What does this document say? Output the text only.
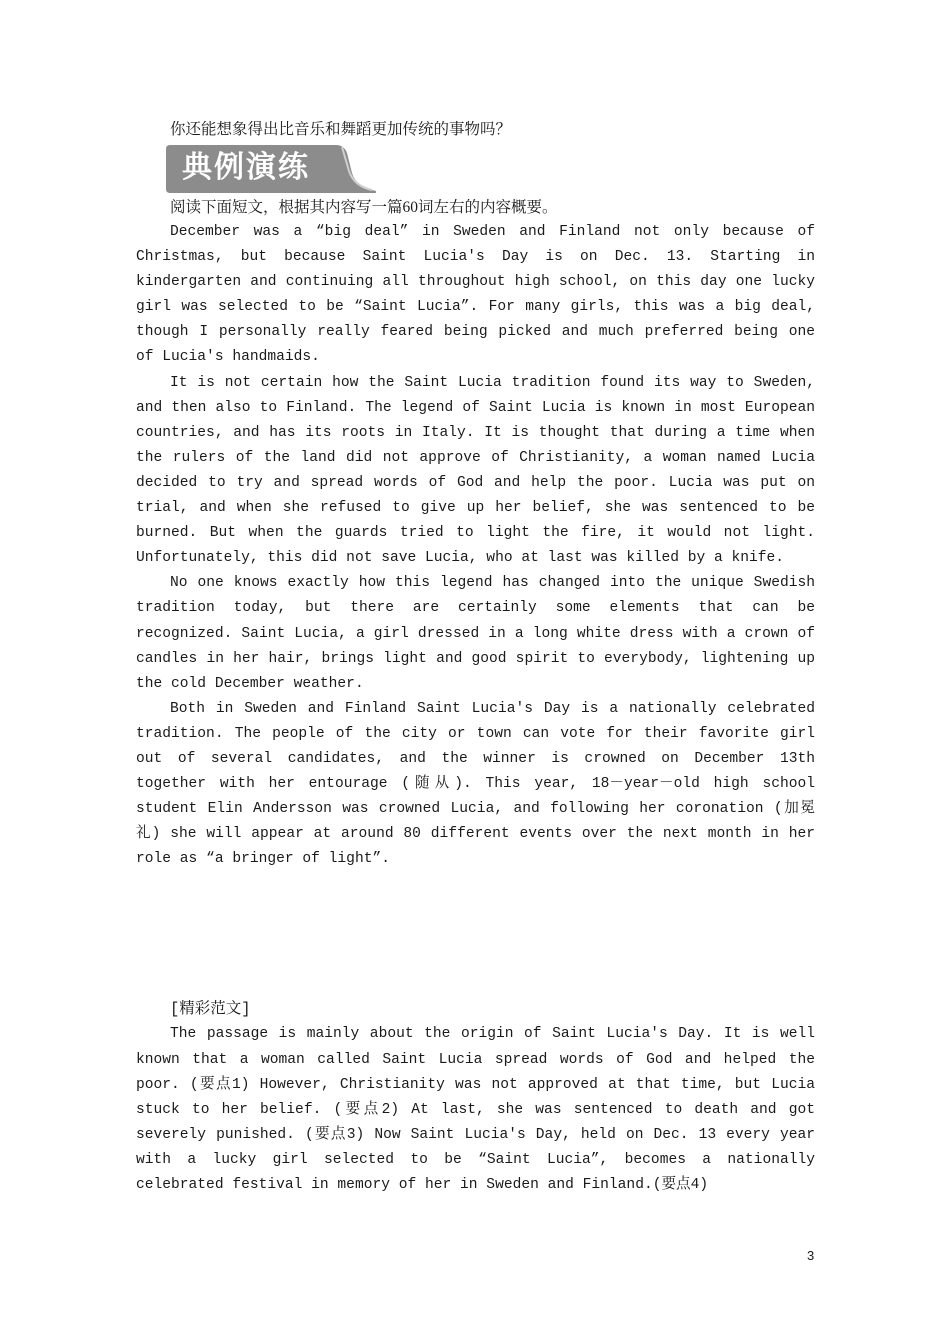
你还能想象得出比音乐和舞蹈更加传统的事物吗？
典例演练
阅读下面短文，根据其内容写一篇60词左右的内容概要。

December was a “big deal” in Sweden and Finland not only because of Christmas, but because Saint Lucia's Day is on Dec. 13. Starting in kindergarten and continuing all throughout high school, on this day one lucky girl was selected to be “Saint Lucia”. For many girls, this was a big deal, though I personally really feared being picked and much preferred being one of Lucia's handmaids.

It is not certain how the Saint Lucia tradition found its way to Sweden, and then also to Finland. The legend of Saint Lucia is known in most European countries, and has its roots in Italy. It is thought that during a time when the rulers of the land did not approve of Christianity, a woman named Lucia decided to try and spread words of God and help the poor. Lucia was put on trial, and when she refused to give up her belief, she was sentenced to be burned. But when the guards tried to light the fire, it would not light. Unfortunately, this did not save Lucia, who at last was killed by a knife.

No one knows exactly how this legend has changed into the unique Swedish tradition today, but there are certainly some elements that can be recognized. Saint Lucia, a girl dressed in a long white dress with a crown of candles in her hair, brings light and good spirit to everybody, lightening up the cold December weather.

Both in Sweden and Finland Saint Lucia's Day is a nationally celebrated tradition. The people of the city or town can vote for their favorite girl out of several candidates, and the winner is crowned on December 13th together with her entourage (随从). This year, 18－year－old high school student Elin Andersson was crowned Lucia, and following her coronation (加冕礼) she will appear at around 80 different events over the next month in her role as “a bringer of light”.

[精彩范文]

The passage is mainly about the origin of Saint Lucia's Day. It is well known that a woman called Saint Lucia spread words of God and helped the poor. (要点1) However, Christianity was not approved at that time, but Lucia stuck to her belief. (要点2) At last, she was sentenced to death and got severely punished. (要点3) Now Saint Lucia's Day, held on Dec. 13 every year with a lucky girl selected to be “Saint Lucia”, becomes a nationally celebrated festival in memory of her in Sweden and Finland.(要点4)

3
